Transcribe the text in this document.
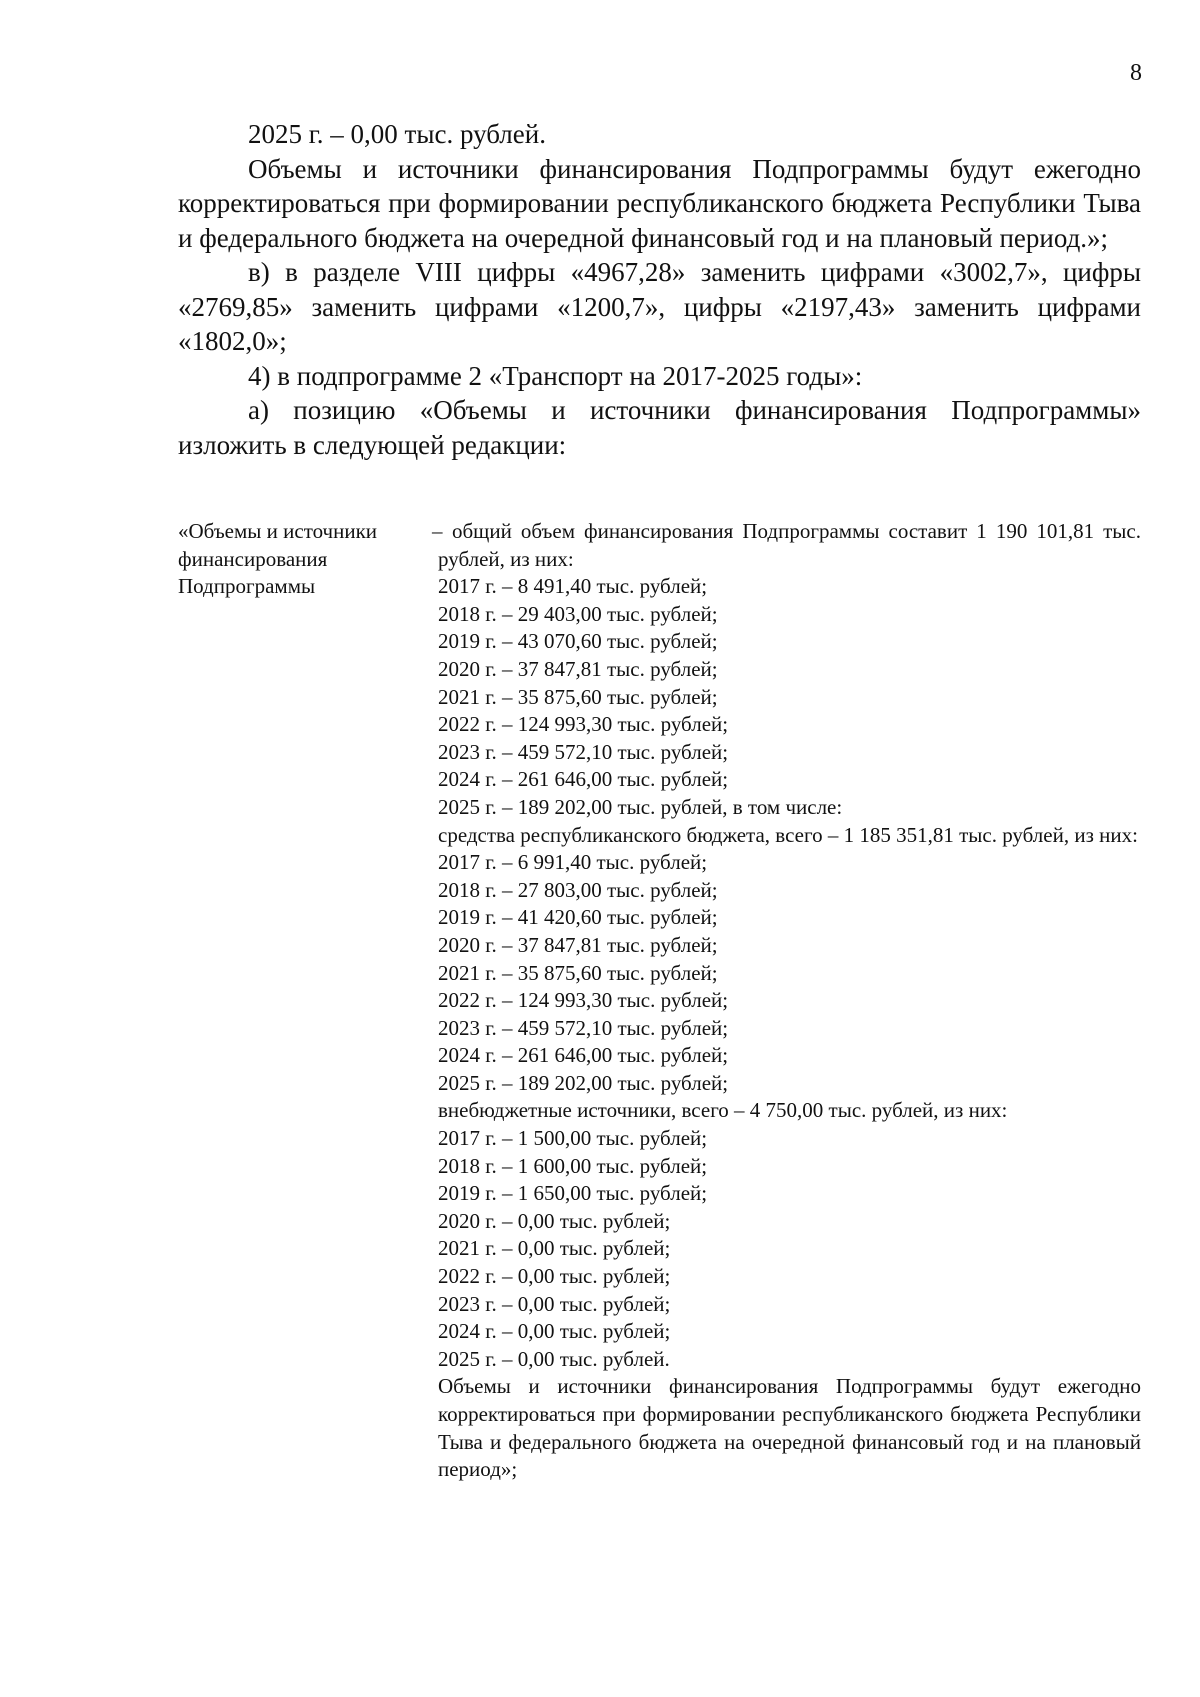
8

2025 г. – 0,00 тыс. рублей.

Объемы и источники финансирования Подпрограммы будут ежегодно корректироваться при формировании республиканского бюджета Республики Тыва и федерального бюджета на очередной финансовый год и на плановый период.»;

в) в разделе VIII цифры «4967,28» заменить цифрами «3002,7», цифры «2769,85» заменить цифрами «1200,7», цифры «2197,43» заменить цифрами «1802,0»;

4) в подпрограмме 2 «Транспорт на 2017-2025 годы»:

а) позицию «Объемы и источники финансирования Подпрограммы» изложить в следующей редакции:

«Объемы и источники финансирования Подпрограммы
– общий объем финансирования Подпрограммы составит 1 190 101,81 тыс. рублей, из них:
2017 г. – 8 491,40 тыс. рублей;
2018 г. – 29 403,00 тыс. рублей;
2019 г. – 43 070,60 тыс. рублей;
2020 г. – 37 847,81 тыс. рублей;
2021 г. – 35 875,60 тыс. рублей;
2022 г. – 124 993,30 тыс. рублей;
2023 г. – 459 572,10 тыс. рублей;
2024 г. – 261 646,00 тыс. рублей;
2025 г. – 189 202,00 тыс. рублей, в том числе:
средства республиканского бюджета, всего – 1 185 351,81 тыс. рублей, из них:
2017 г. – 6 991,40 тыс. рублей;
2018 г. – 27 803,00 тыс. рублей;
2019 г. – 41 420,60 тыс. рублей;
2020 г. – 37 847,81 тыс. рублей;
2021 г. – 35 875,60 тыс. рублей;
2022 г. – 124 993,30 тыс. рублей;
2023 г. – 459 572,10 тыс. рублей;
2024 г. – 261 646,00 тыс. рублей;
2025 г. – 189 202,00 тыс. рублей;
внебюджетные источники, всего – 4 750,00 тыс. рублей, из них:
2017 г. – 1 500,00 тыс. рублей;
2018 г. – 1 600,00 тыс. рублей;
2019 г. – 1 650,00 тыс. рублей;
2020 г. – 0,00 тыс. рублей;
2021 г. – 0,00 тыс. рублей;
2022 г. – 0,00 тыс. рублей;
2023 г. – 0,00 тыс. рублей;
2024 г. – 0,00 тыс. рублей;
2025 г. – 0,00 тыс. рублей.
Объемы и источники финансирования Подпрограммы будут ежегодно корректироваться при формировании республиканского бюджета Республики Тыва и федерального бюджета на очередной финансовый год и на плановый период»;
